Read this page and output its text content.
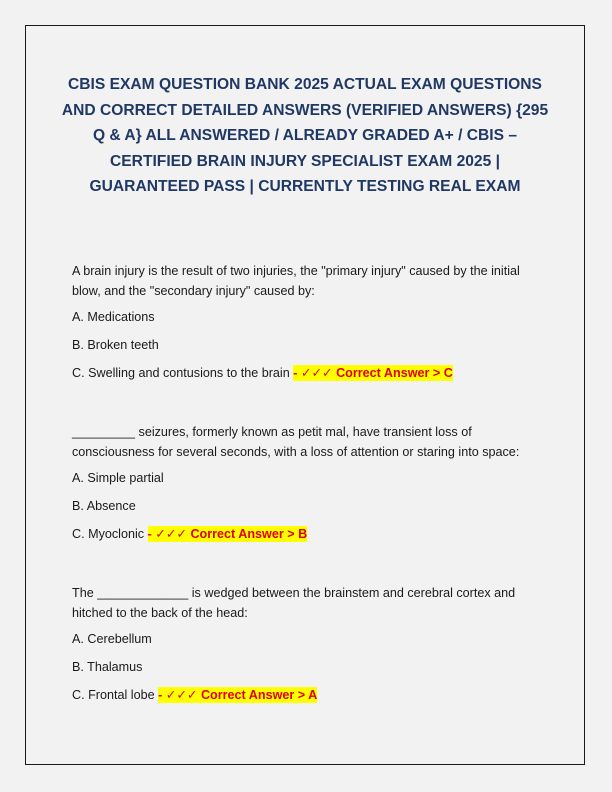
CBIS EXAM QUESTION BANK 2025 ACTUAL EXAM QUESTIONS
AND CORRECT DETAILED ANSWERS (VERIFIED ANSWERS) {295
Q & A} ALL ANSWERED / ALREADY GRADED A+ / CBIS –
CERTIFIED BRAIN INJURY SPECIALIST EXAM 2025 |
GUARANTEED PASS | CURRENTLY TESTING REAL EXAM

A brain injury is the result of two injuries, the "primary injury" caused by the initial
blow, and the "secondary injury" caused by:

A. Medications

B. Broken teeth

C. Swelling and contusions to the brain - ✓✓✓ Correct Answer > C

_________ seizures, formerly known as petit mal, have transient loss of
consciousness for several seconds, with a loss of attention or staring into space:

A. Simple partial

B. Absence

C. Myoclonic - ✓✓✓ Correct Answer > B

The _____________ is wedged between the brainstem and cerebral cortex and
hitched to the back of the head:

A. Cerebellum

B. Thalamus

C. Frontal lobe - ✓✓✓ Correct Answer > A
